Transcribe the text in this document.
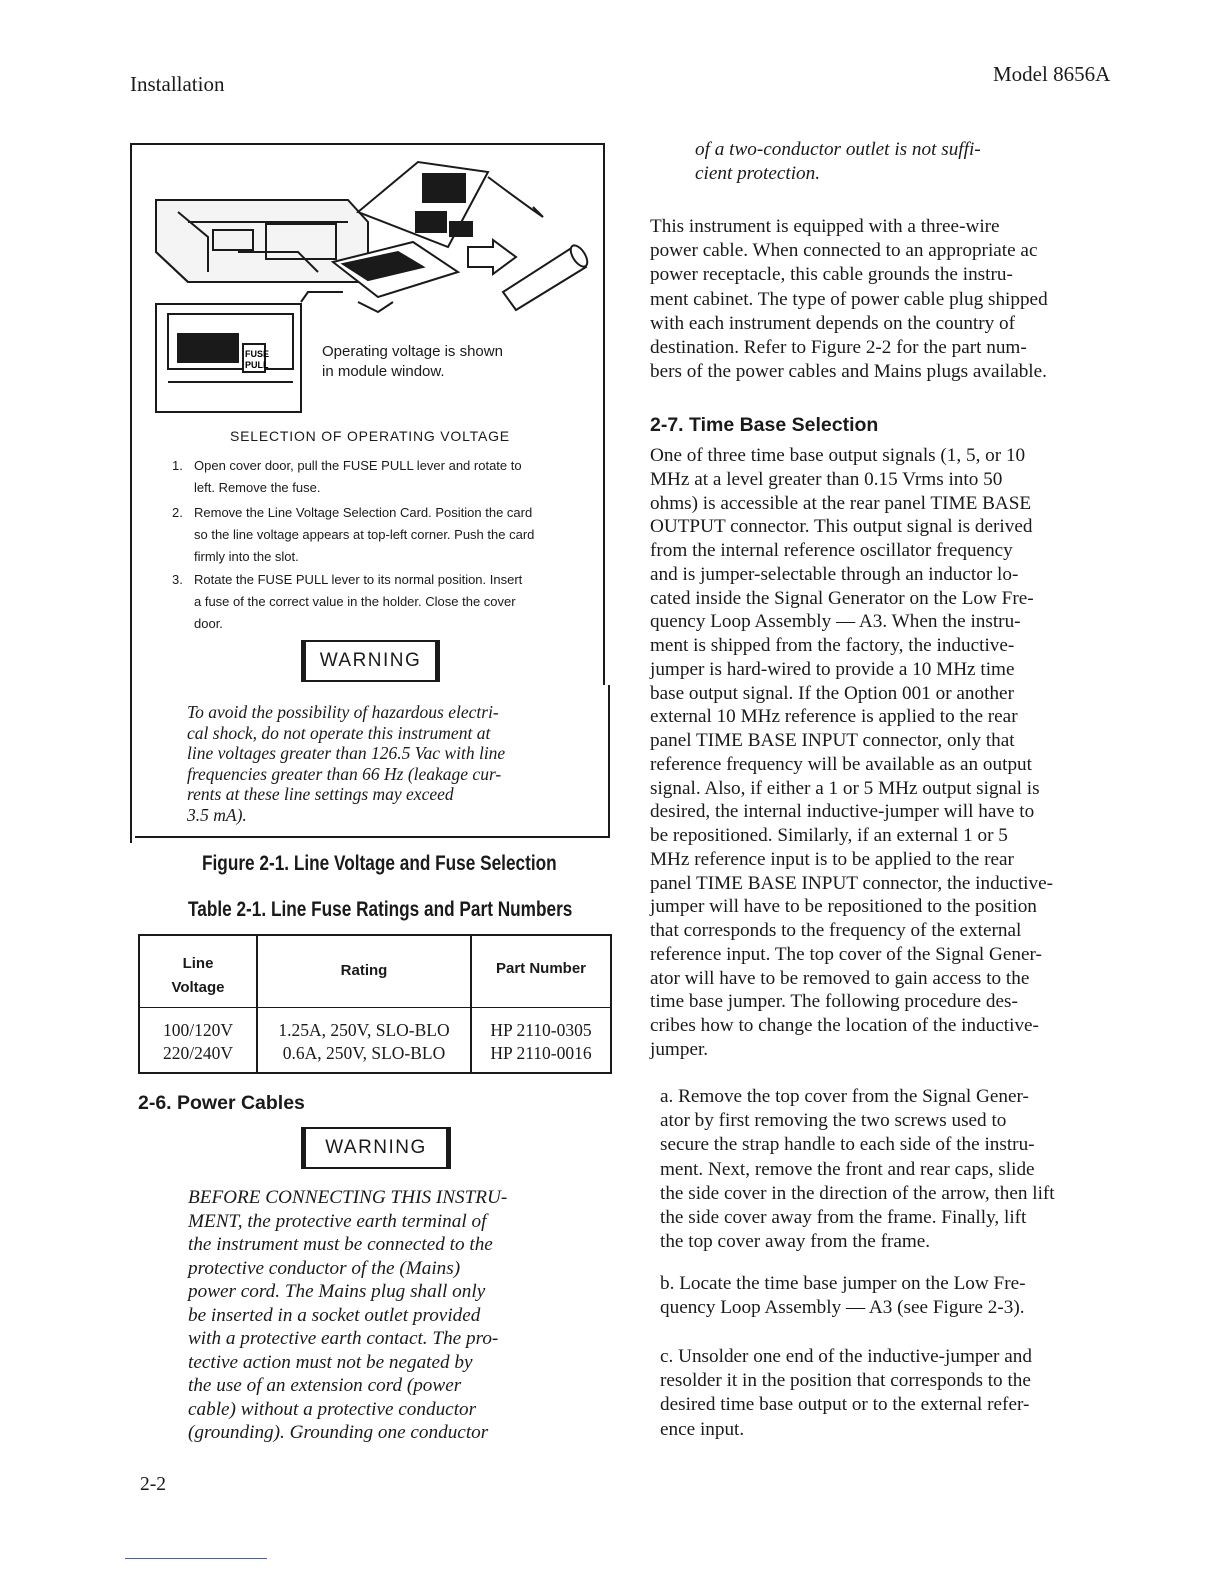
Installation	Model 8656A
FUSE
PULL
Operating voltage is shown
in module window.
SELECTION OF OPERATING VOLTAGE
1. Open cover door, pull the FUSE PULL lever and rotate to
left. Remove the fuse.
2. Remove the Line Voltage Selection Card. Position the card
so the line voltage appears at top-left corner. Push the card
firmly into the slot.
3. Rotate the FUSE PULL lever to its normal position. Insert
a fuse of the correct value in the holder. Close the cover
door.
WARNING
To avoid the possibility of hazardous electri-
cal shock, do not operate this instrument at
line voltages greater than 126.5 Vac with line
frequencies greater than 66 Hz (leakage cur-
rents at these line settings may exceed
3.5 mA).
Figure 2-1. Line Voltage and Fuse Selection
Table 2-1. Line Fuse Ratings and Part Numbers
Line
Voltage
Rating	Part Number
100/120V
220/240V
1.25A, 250V, SLO-BLO
0.6A, 250V, SLO-BLO
HP 2110-0305
HP 2110-0016
2-6. Power Cables
WARNING
BEFORE CONNECTING THIS INSTRU-
MENT, the protective earth terminal of
the instrument must be connected to the
protective conductor of the (Mains)
power cord. The Mains plug shall only
be inserted in a socket outlet provided
with a protective earth contact. The pro-
tective action must not be negated by
the use of an extension cord (power
cable) without a protective conductor
(grounding). Grounding one conductor
of a two-conductor outlet is not suffi-
cient protection.
This instrument is equipped with a three-wire
power cable. When connected to an appropriate ac
power receptacle, this cable grounds the instru-
ment cabinet. The type of power cable plug shipped
with each instrument depends on the country of
destination. Refer to Figure 2-2 for the part num-
bers of the power cables and Mains plugs available.
2-7. Time Base Selection
One of three time base output signals (1, 5, or 10
MHz at a level greater than 0.15 Vrms into 50
ohms) is accessible at the rear panel TIME BASE
OUTPUT connector. This output signal is derived
from the internal reference oscillator frequency
and is jumper-selectable through an inductor lo-
cated inside the Signal Generator on the Low Fre-
quency Loop Assembly — A3. When the instru-
ment is shipped from the factory, the inductive-
jumper is hard-wired to provide a 10 MHz time
base output signal. If the Option 001 or another
external 10 MHz reference is applied to the rear
panel TIME BASE INPUT connector, only that
reference frequency will be available as an output
signal. Also, if either a 1 or 5 MHz output signal is
desired, the internal inductive-jumper will have to
be repositioned. Similarly, if an external 1 or 5
MHz reference input is to be applied to the rear
panel TIME BASE INPUT connector, the inductive-
jumper will have to be repositioned to the position
that corresponds to the frequency of the external
reference input. The top cover of the Signal Gener-
ator will have to be removed to gain access to the
time base jumper. The following procedure des-
cribes how to change the location of the inductive-
jumper.
a. Remove the top cover from the Signal Gener-
ator by first removing the two screws used to
secure the strap handle to each side of the instru-
ment. Next, remove the front and rear caps, slide
the side cover in the direction of the arrow, then lift
the side cover away from the frame. Finally, lift
the top cover away from the frame.
b. Locate the time base jumper on the Low Fre-
quency Loop Assembly — A3 (see Figure 2-3).
c. Unsolder one end of the inductive-jumper and
resolder it in the position that corresponds to the
desired time base output or to the external refer-
ence input.
2-2
